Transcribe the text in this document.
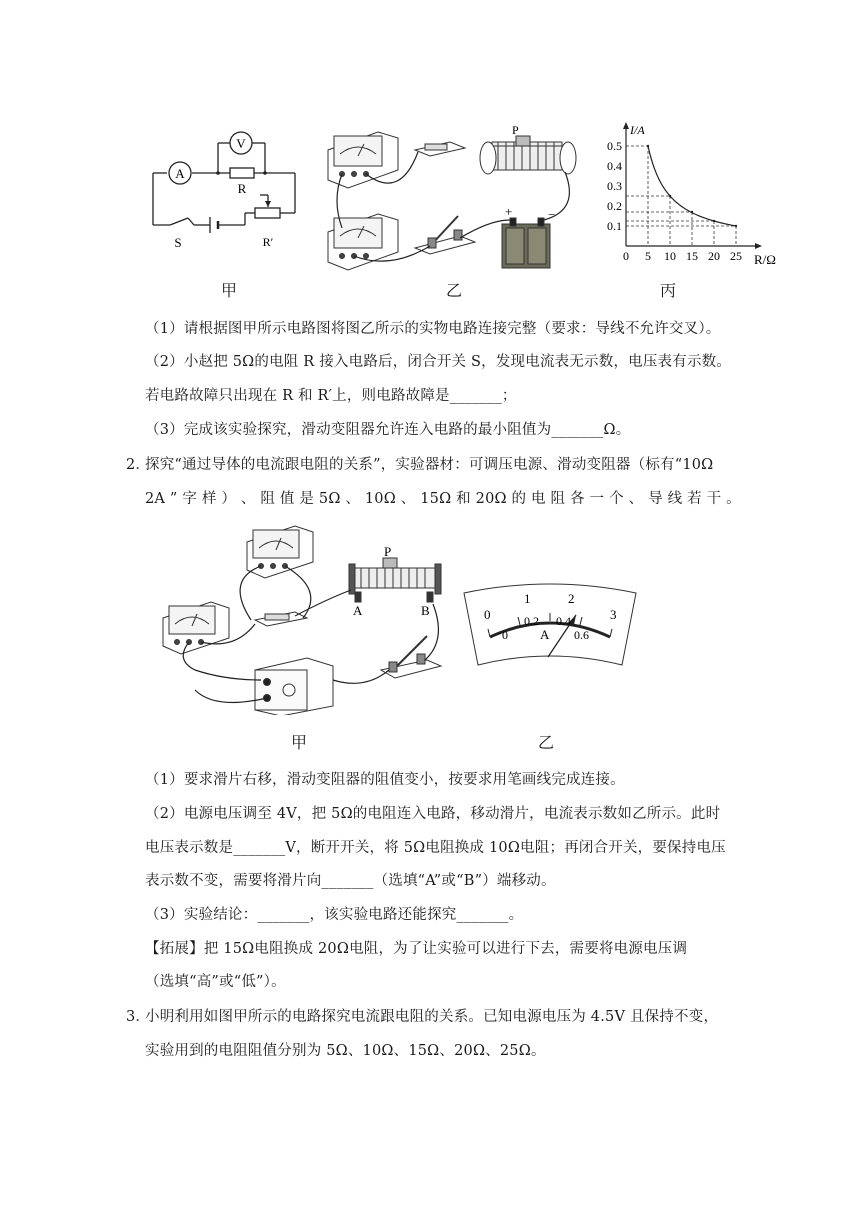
A
V
R
S	R′
甲
P
+	−
乙
I/A
R/Ω
0 5 10 15 20 25
0.1
0.2
0.3
0.4
0.5
丙
（1）请根据图甲所示电路图将图乙所示的实物电路连接完整（要求：导线不允许交叉）。
（2）小赵把 5Ω的电阻 R 接入电路后，闭合开关 S，发现电流表无示数，电压表有示数。
若电路故障只出现在 R 和 R′上，则电路故障是_______；
（3）完成该实验探究，滑动变阻器允许连入电路的最小阻值为_______Ω。
2．
探究“通过导体的电流跟电阻的关系”，实验器材：可调压电源、滑动变阻器（标有“10Ω
2A ” 字 样 ） 、 阻 值 是 5Ω 、 10Ω 、 15Ω 和 20Ω 的 电 阻 各 一 个 、 导 线 若 干 。
P
A	B
甲
0
1	2
3
0
0.2 0.4
0.6
A
乙
（1）要求滑片右移，滑动变阻器的阻值变小，按要求用笔画线完成连接。
（2）电源电压调至 4V，把 5Ω的电阻连入电路，移动滑片，电流表示数如乙所示。此时
电压表示数是_______V，断开开关，将 5Ω电阻换成 10Ω电阻；再闭合开关，要保持电压
表示数不变，需要将滑片向_______（选填“A”或“B”）端移动。
（3）实验结论：_______，该实验电路还能探究_______。
【拓展】把 15Ω电阻换成 20Ω电阻，为了让实验可以进行下去，需要将电源电压调
（选填“高”或“低”）。
3．
小明利用如图甲所示的电路探究电流跟电阻的关系。已知电源电压为 4.5V 且保持不变，
实验用到的电阻阻值分别为 5Ω、10Ω、15Ω、20Ω、25Ω。
